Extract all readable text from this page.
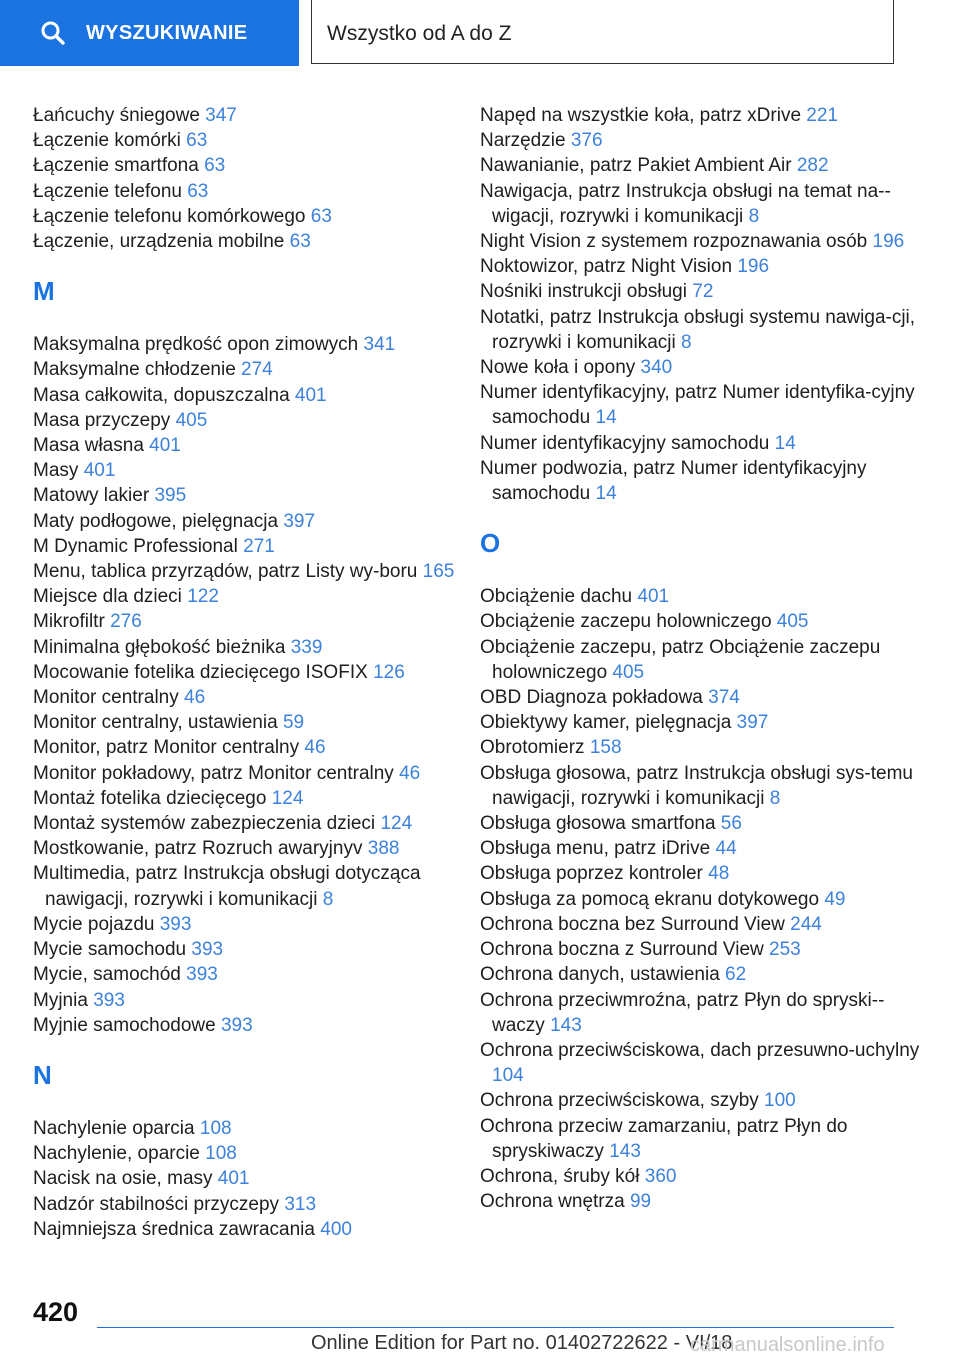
WYSZUKIWANIE	Wszystko od A do Z
Łańcuchy śniegowe 347
Łączenie komórki 63
Łączenie smartfona 63
Łączenie telefonu 63
Łączenie telefonu komórkowego 63
Łączenie, urządzenia mobilne 63
M
Maksymalna prędkość opon zimowych 341
Maksymalne chłodzenie 274
Masa całkowita, dopuszczalna 401
Masa przyczepy 405
Masa własna 401
Masy 401
Matowy lakier 395
Maty podłogowe, pielęgnacja 397
M Dynamic Professional 271
Menu, tablica przyrządów, patrz Listy wy-boru 165
Miejsce dla dzieci 122
Mikrofiltr 276
Minimalna głębokość bieżnika 339
Mocowanie fotelika dziecięcego ISOFIX 126
Monitor centralny 46
Monitor centralny, ustawienia 59
Monitor, patrz Monitor centralny 46
Monitor pokładowy, patrz Monitor centralny 46
Montaż fotelika dziecięcego 124
Montaż systemów zabezpieczenia dzieci 124
Mostkowanie, patrz Rozruch awaryjnyv 388
Multimedia, patrz Instrukcja obsługi dotycząca nawigacji, rozrywki i komunikacji 8
Mycie pojazdu 393
Mycie samochodu 393
Mycie, samochód 393
Myjnia 393
Myjnie samochodowe 393
N
Nachylenie oparcia 108
Nachylenie, oparcie 108
Nacisk na osie, masy 401
Nadzór stabilności przyczepy 313
Najmniejsza średnica zawracania 400
Napęd na wszystkie koła, patrz xDrive 221
Narzędzie 376
Nawanianie, patrz Pakiet Ambient Air 282
Nawigacja, patrz Instrukcja obsługi na temat na-wigacji, rozrywki i komunikacji 8
Night Vision z systemem rozpoznawania osób 196
Noktowizor, patrz Night Vision 196
Nośniki instrukcji obsługi 72
Notatki, patrz Instrukcja obsługi systemu nawiga-cji, rozrywki i komunikacji 8
Nowe koła i opony 340
Numer identyfikacyjny, patrz Numer identyfika-cyjny samochodu 14
Numer identyfikacyjny samochodu 14
Numer podwozia, patrz Numer identyfikacyjny samochodu 14
O
Obciążenie dachu 401
Obciążenie zaczepu holowniczego 405
Obciążenie zaczepu, patrz Obciążenie zaczepu holowniczego 405
OBD Diagnoza pokładowa 374
Obiektywy kamer, pielęgnacja 397
Obrotomierz 158
Obsługa głosowa, patrz Instrukcja obsługi sys-temu nawigacji, rozrywki i komunikacji 8
Obsługa głosowa smartfona 56
Obsługa menu, patrz iDrive 44
Obsługa poprzez kontroler 48
Obsługa za pomocą ekranu dotykowego 49
Ochrona boczna bez Surround View 244
Ochrona boczna z Surround View 253
Ochrona danych, ustawienia 62
Ochrona przeciwmroźna, patrz Płyn do spryski-waczy 143
Ochrona przeciwściskowa, dach przesuwno-uchylny 104
Ochrona przeciwściskowa, szyby 100
Ochrona przeciw zamarzaniu, patrz Płyn do spryskiwaczy 143
Ochrona, śruby kół 360
Ochrona wnętrza 99
420
Online Edition for Part no. 01402722622 - VI/18
carmanualsonline.info
